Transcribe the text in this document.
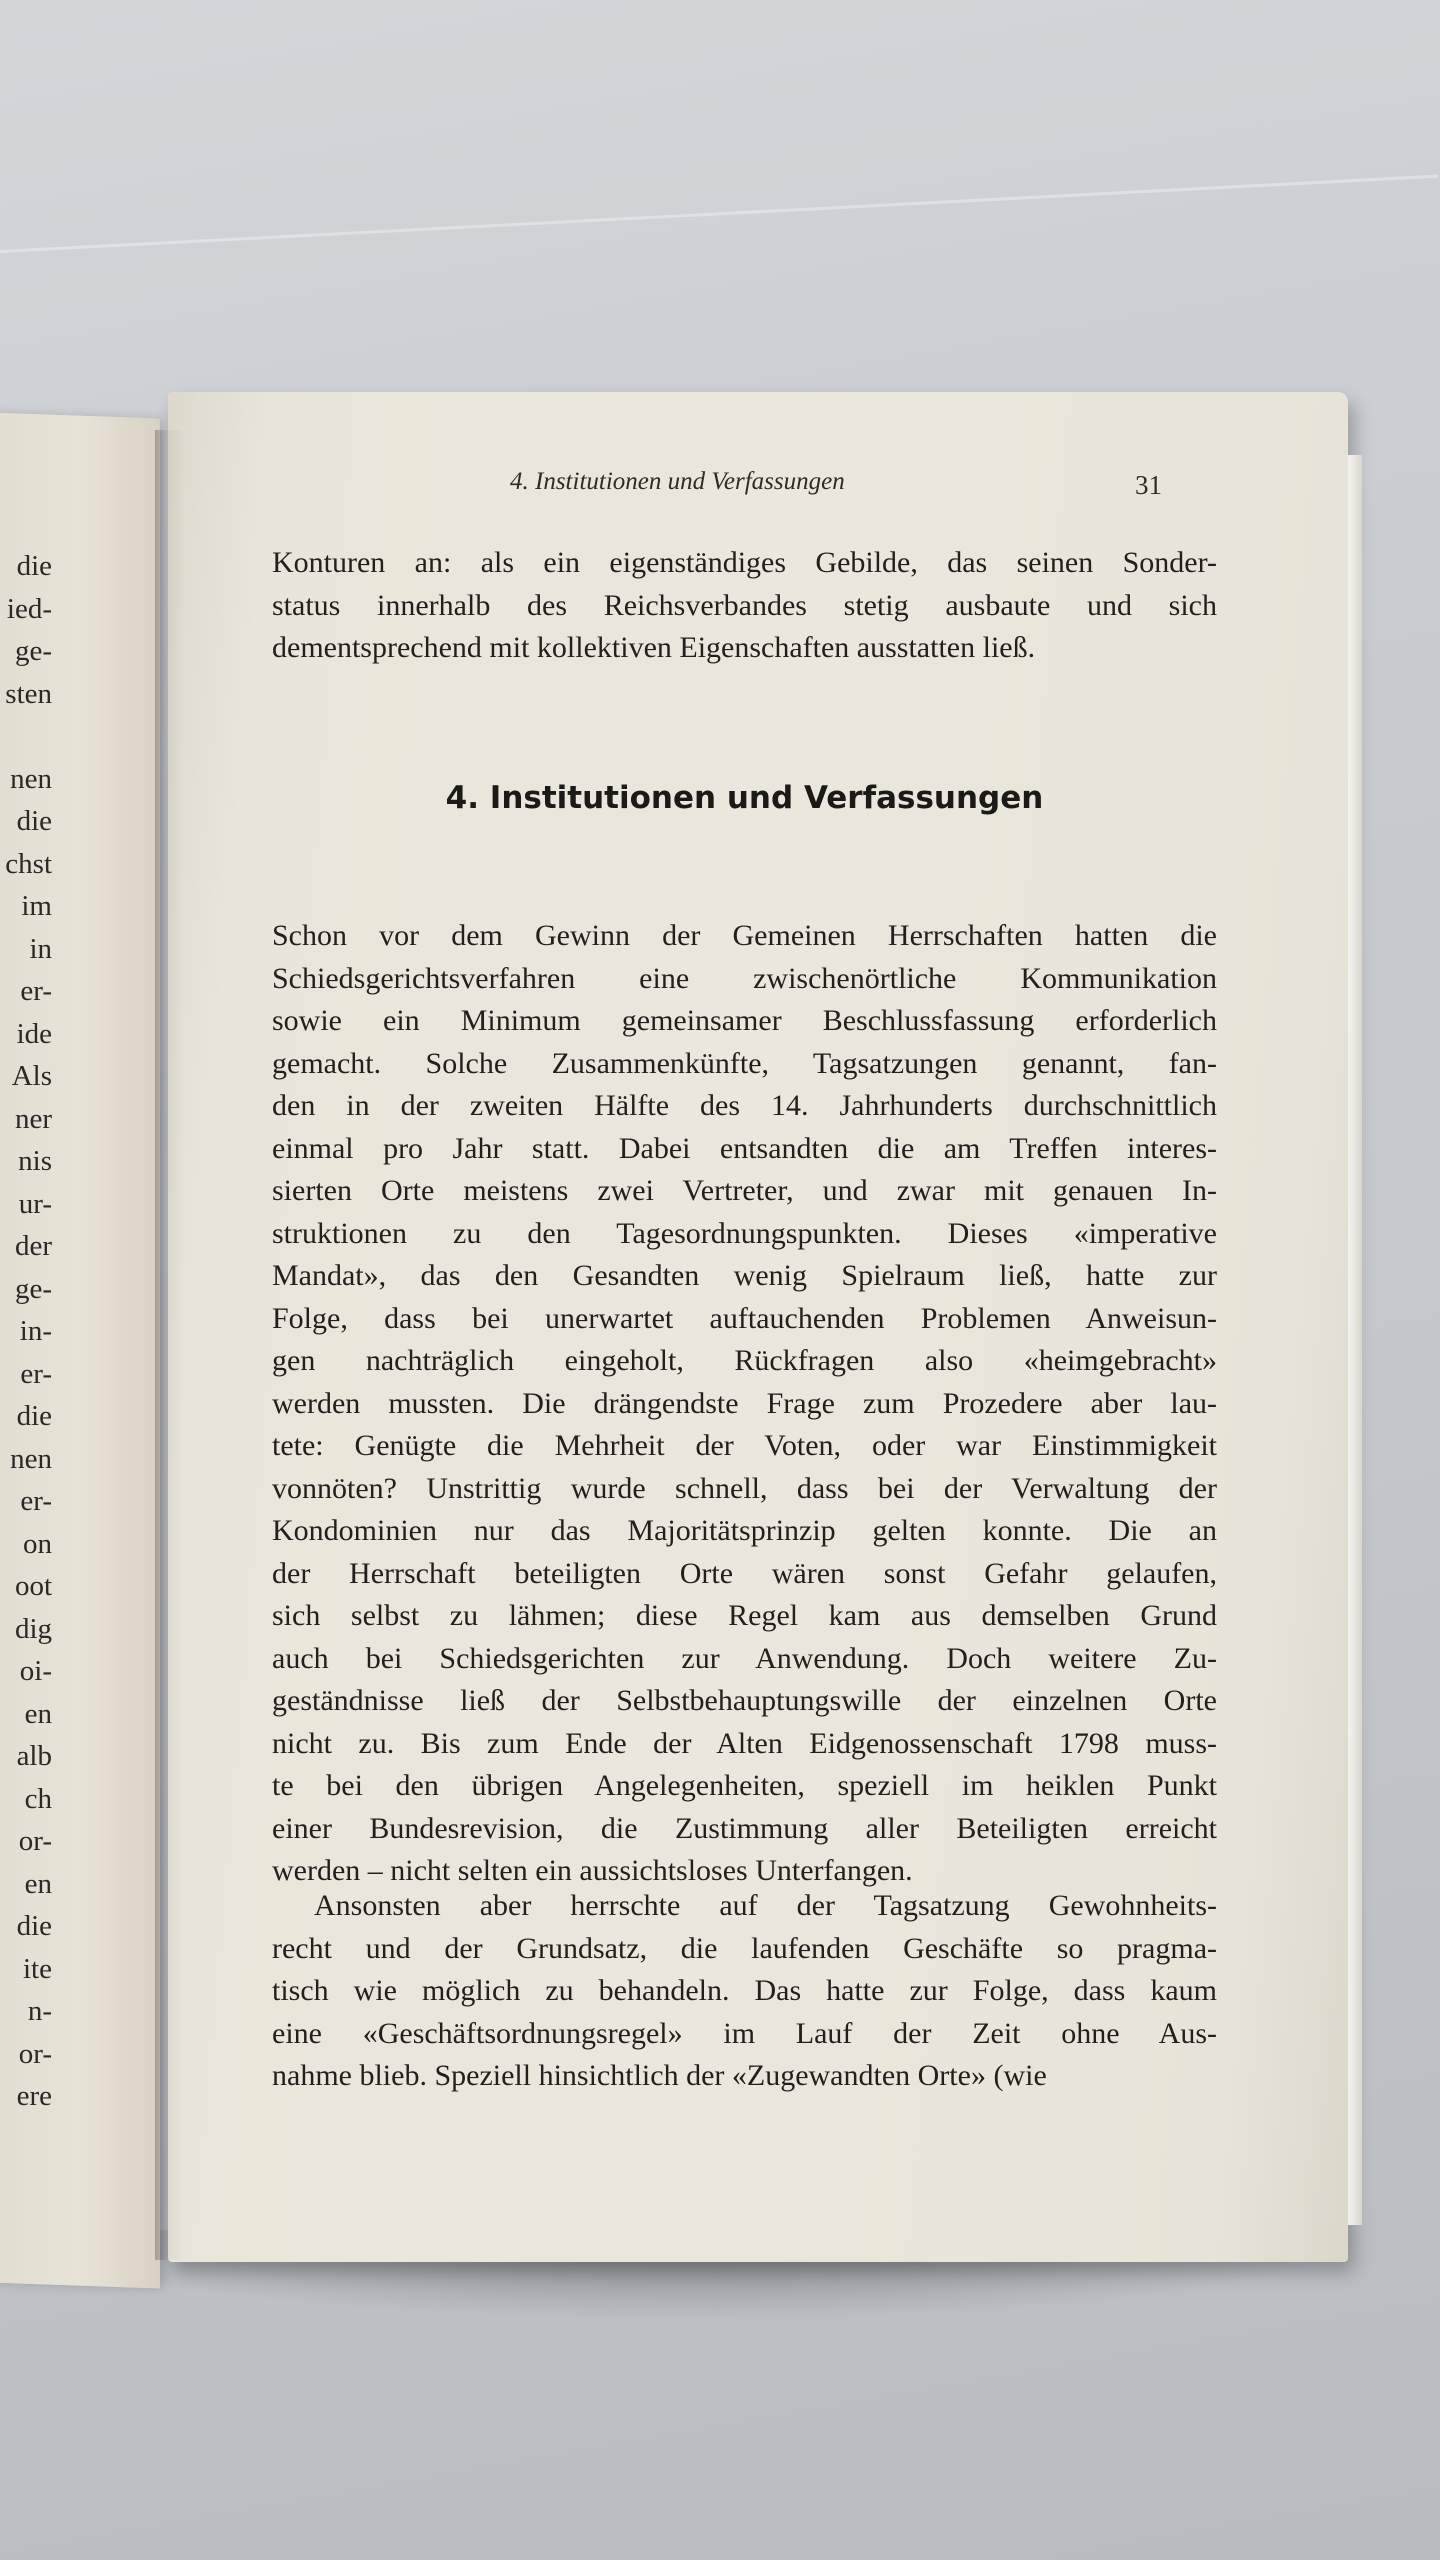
die
ied-
ge-
sten
nen
die
chst
im
in
er-
ide
Als
ner
nis
ur-
der
ge-
in-
er-
die
nen
er-
on
oot
dig
oi-
en
alb
ch
or-
en
die
ite
n-
or-
ere
4. Institutionen und Verfassungen	31
Konturen an: als ein eigenständiges Gebilde, das seinen Sonder-
status innerhalb des Reichsverbandes stetig ausbaute und sich
dementsprechend mit kollektiven Eigenschaften ausstatten ließ.
4. Institutionen und Verfassungen
Schon vor dem Gewinn der Gemeinen Herrschaften hatten die
Schiedsgerichtsverfahren eine zwischenörtliche Kommunikation
sowie ein Minimum gemeinsamer Beschlussfassung erforderlich
gemacht. Solche Zusammenkünfte, Tagsatzungen genannt, fan-
den in der zweiten Hälfte des 14. Jahrhunderts durchschnittlich
einmal pro Jahr statt. Dabei entsandten die am Treffen interes-
sierten Orte meistens zwei Vertreter, und zwar mit genauen In-
struktionen zu den Tagesordnungspunkten. Dieses «imperative
Mandat», das den Gesandten wenig Spielraum ließ, hatte zur
Folge, dass bei unerwartet auftauchenden Problemen Anweisun-
gen nachträglich eingeholt, Rückfragen also «heimgebracht»
werden mussten. Die drängendste Frage zum Prozedere aber lau-
tete: Genügte die Mehrheit der Voten, oder war Einstimmigkeit
vonnöten? Unstrittig wurde schnell, dass bei der Verwaltung der
Kondominien nur das Majoritätsprinzip gelten konnte. Die an
der Herrschaft beteiligten Orte wären sonst Gefahr gelaufen,
sich selbst zu lähmen; diese Regel kam aus demselben Grund
auch bei Schiedsgerichten zur Anwendung. Doch weitere Zu-
geständnisse ließ der Selbstbehauptungswille der einzelnen Orte
nicht zu. Bis zum Ende der Alten Eidgenossenschaft 1798 muss-
te bei den übrigen Angelegenheiten, speziell im heiklen Punkt
einer Bundesrevision, die Zustimmung aller Beteiligten erreicht
werden – nicht selten ein aussichtsloses Unterfangen.
Ansonsten aber herrschte auf der Tagsatzung Gewohnheits-
recht und der Grundsatz, die laufenden Geschäfte so pragma-
tisch wie möglich zu behandeln. Das hatte zur Folge, dass kaum
eine «Geschäftsordnungsregel» im Lauf der Zeit ohne Aus-
nahme blieb. Speziell hinsichtlich der «Zugewandten Orte» (wie
